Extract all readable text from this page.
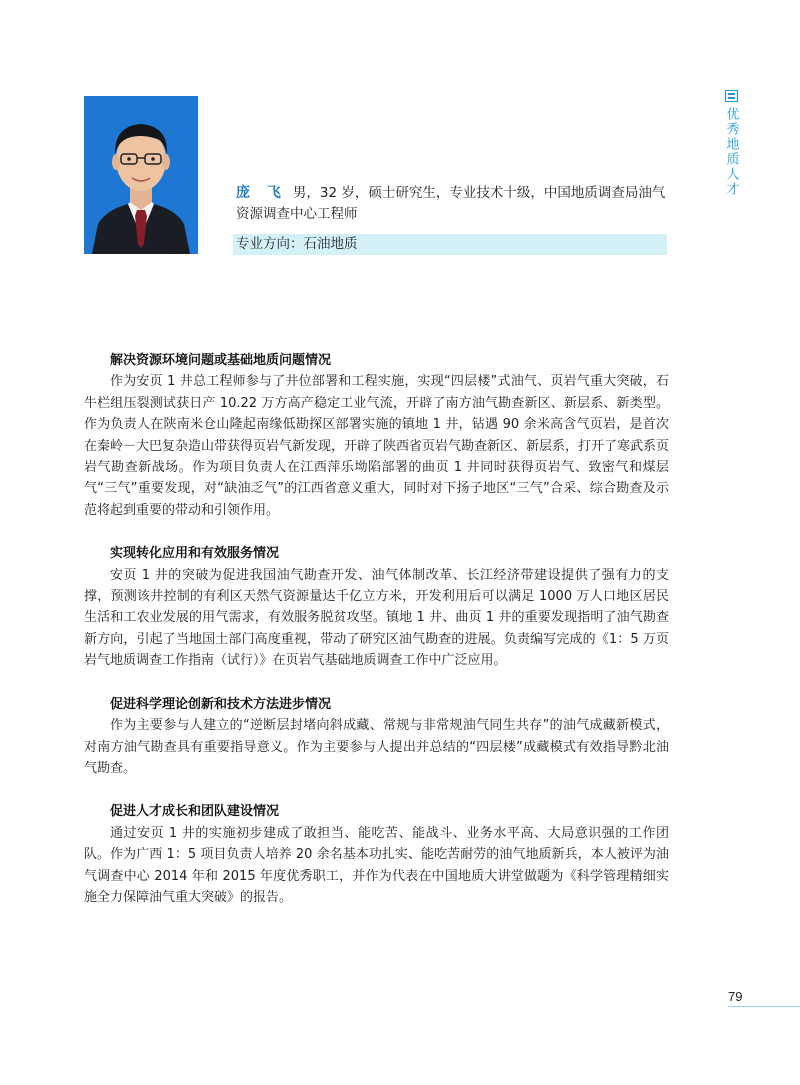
庞 飞 男，32 岁，硕士研究生，专业技术十级，中国地质调查局油气资源调查中心工程师
专业方向：石油地质
优秀地质人才
解决资源环境问题或基础地质问题情况

作为安页 1 井总工程师参与了井位部署和工程实施，实现“四层楼”式油气、页岩气重大突破，石牛栏组压裂测试获日产 10.22 万方高产稳定工业气流，开辟了南方油气勘查新区、新层系、新类型。作为负责人在陕南米仓山隆起南缘低勘探区部署实施的镇地 1 井，钻遇 90 余米高含气页岩，是首次在秦岭－大巴复杂造山带获得页岩气新发现，开辟了陕西省页岩气勘查新区、新层系，打开了寒武系页岩气勘查新战场。作为项目负责人在江西萍乐坳陷部署的曲页 1 井同时获得页岩气、致密气和煤层气“三气”重要发现，对“缺油乏气”的江西省意义重大，同时对下扬子地区“三气”合采、综合勘查及示范将起到重要的带动和引领作用。

实现转化应用和有效服务情况

安页 1 井的突破为促进我国油气勘查开发、油气体制改革、长江经济带建设提供了强有力的支撑，预测该井控制的有利区天然气资源量达千亿立方米，开发利用后可以满足 1000 万人口地区居民生活和工农业发展的用气需求，有效服务脱贫攻坚。镇地 1 井、曲页 1 井的重要发现指明了油气勘查新方向，引起了当地国土部门高度重视，带动了研究区油气勘查的进展。负责编写完成的《1：5 万页岩气地质调查工作指南（试行）》在页岩气基础地质调查工作中广泛应用。

促进科学理论创新和技术方法进步情况

作为主要参与人建立的“逆断层封堵向斜成藏、常规与非常规油气同生共存”的油气成藏新模式，对南方油气勘查具有重要指导意义。作为主要参与人提出并总结的“四层楼”成藏模式有效指导黔北油气勘查。

促进人才成长和团队建设情况

通过安页 1 井的实施初步建成了敢担当、能吃苦、能战斗、业务水平高、大局意识强的工作团队。作为广西 1：5 项目负责人培养 20 余名基本功扎实、能吃苦耐劳的油气地质新兵，本人被评为油气调查中心 2014 年和 2015 年度优秀职工，并作为代表在中国地质大讲堂做题为《科学管理精细实施全力保障油气重大突破》的报告。

79
